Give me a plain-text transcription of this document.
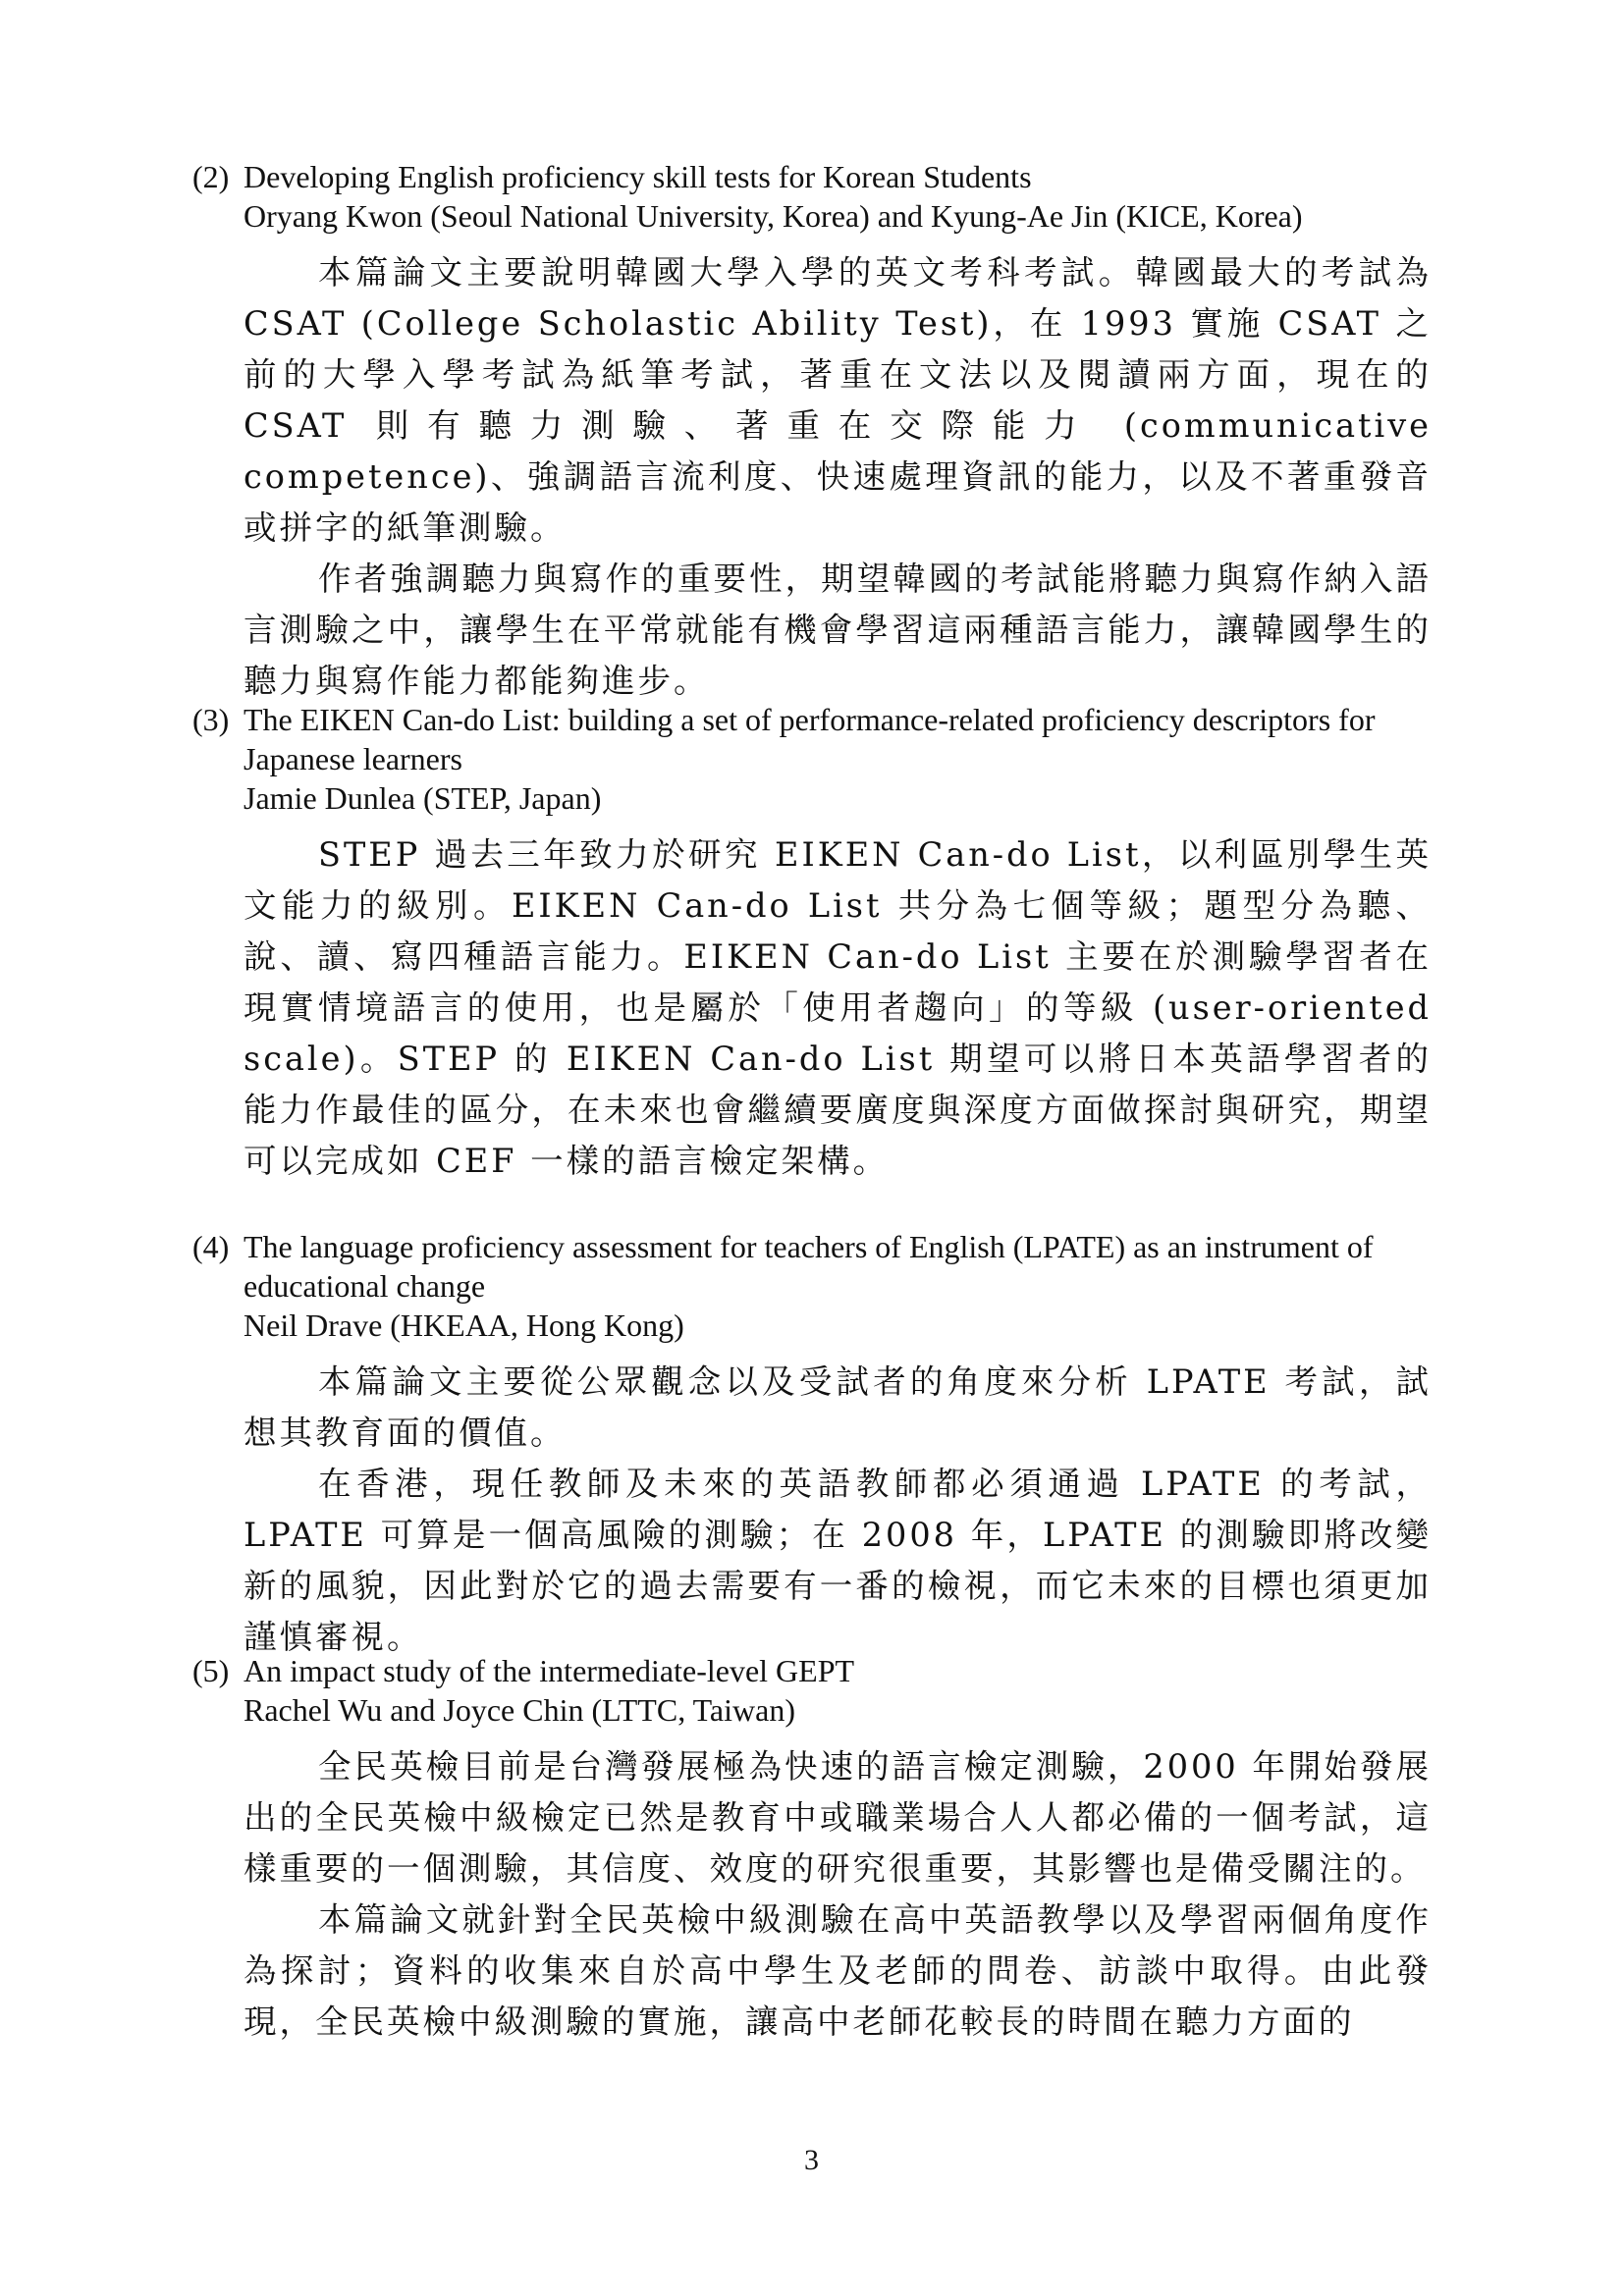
(2) Developing English proficiency skill tests for Korean Students
Oryang Kwon (Seoul National University, Korea) and Kyung-Ae Jin (KICE, Korea)

本篇論文主要說明韓國大學入學的英文考科考試。韓國最大的考試為CSAT (College Scholastic Ability Test)，在 1993 實施 CSAT 之前的大學入學考試為紙筆考試，著重在文法以及閱讀兩方面，現在的 CSAT 則有聽力測驗、著重在交際能力 (communicative competence)、強調語言流利度、快速處理資訊的能力，以及不著重發音或拼字的紙筆測驗。

作者強調聽力與寫作的重要性，期望韓國的考試能將聽力與寫作納入語言測驗之中，讓學生在平常就能有機會學習這兩種語言能力，讓韓國學生的聽力與寫作能力都能夠進步。

(3) The EIKEN Can-do List: building a set of performance-related proficiency descriptors for Japanese learners
Jamie Dunlea (STEP, Japan)

STEP 過去三年致力於研究 EIKEN Can-do List，以利區別學生英文能力的級別。EIKEN Can-do List 共分為七個等級；題型分為聽、說、讀、寫四種語言能力。EIKEN Can-do List 主要在於測驗學習者在現實情境語言的使用，也是屬於「使用者趨向」的等級 (user-oriented scale)。STEP 的 EIKEN Can-do List 期望可以將日本英語學習者的能力作最佳的區分，在未來也會繼續要廣度與深度方面做探討與研究，期望可以完成如 CEF 一樣的語言檢定架構。

(4) The language proficiency assessment for teachers of English (LPATE) as an instrument of educational change
Neil Drave (HKEAA, Hong Kong)

本篇論文主要從公眾觀念以及受試者的角度來分析 LPATE 考試，試想其教育面的價值。

在香港，現任教師及未來的英語教師都必須通過 LPATE 的考試，LPATE 可算是一個高風險的測驗；在 2008 年，LPATE 的測驗即將改變新的風貌，因此對於它的過去需要有一番的檢視，而它未來的目標也須更加謹慎審視。

(5) An impact study of the intermediate-level GEPT
Rachel Wu and Joyce Chin (LTTC, Taiwan)

全民英檢目前是台灣發展極為快速的語言檢定測驗，2000 年開始發展出的全民英檢中級檢定已然是教育中或職業場合人人都必備的一個考試，這樣重要的一個測驗，其信度、效度的研究很重要，其影響也是備受關注的。

本篇論文就針對全民英檢中級測驗在高中英語教學以及學習兩個角度作為探討；資料的收集來自於高中學生及老師的問卷、訪談中取得。由此發現，全民英檢中級測驗的實施，讓高中老師花較長的時間在聽力方面的

3
